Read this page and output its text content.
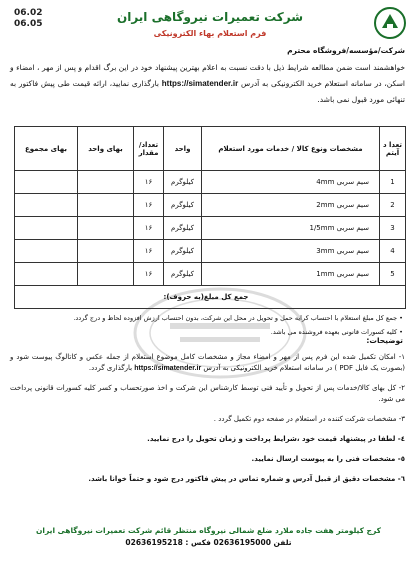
06.02
06.05	شرکت تعمیرات نیروگاهی ایران
فرم استعلام بهاء الکترونیکی
شرکت/مؤسسه/فروشگاه محترم
خواهشمند است ضمن مطالعه شرایط ذیل با دقت نسبت به اعلام بهترین پیشنهاد خود در این برگ اقدام و پس از مهر ، امضاء و اسکن، در سامانه استعلام خرید الکترونیکی به آدرس https://simatender.ir بارگذاری نمایید، ارائه قیمت طی پیش فاکتور به تنهائی مورد قبول نمی باشد.
تعدا د آیتم	مشخصات ونوع کالا / خدمات مورد استعلام	واحد	تعداد/ مقدار	بهای واحد	بهای مجموع
1	سیم سربی 4mm	کیلوگرم	۱۶		
2	سیم سربی 2mm	کیلوگرم	۱۶		
3	سیم سربی 1/5mm	کیلوگرم	۱۶		
4	سیم سربی 3mm	کیلوگرم	۱۶		
5	سیم سربی 1mm	کیلوگرم	۱۶		
جمع کل مبلغ(به حروف):					
• جمع کل مبلغ استعلام با احتساب کرایه حمل و تحویل در محل این شرکت، بدون احتساب ارزش افزوده لحاظ و درج گردد.
• کلیه کسورات قانونی بعهده فروشنده می باشد.
توضیحات:

۱- امکان تکمیل شده این فرم پس از مهر و امضاء مجاز و مشخصات کامل موضوع استعلام از جمله عکس و کاتالوگ پیوست شود و (بصورت یک فایل PDF ) در سامانه استعلام خرید الکترونیکی به آدرس https://simatender.ir بارگذاری گردد.

۲- کل بهای کالا/خدمات پس از تحویل و تأیید فنی توسط کارشناس این شرکت و اخذ صورتحساب و کسر کلیه کسورات قانونی پرداخت می شود.

۳- مشخصات شرکت کننده در استعلام در صفحه دوم تکمیل گردد .

٤- لطفا در پیشنهاد قیمت خود ،شرایط پرداخت و زمان تحویل را درج نمایید.

٥- مشخصات فنی را به پیوست ارسال نمایید.

٦- مشخصات دقیق از قبیل آدرس و شماره تماس در پیش فاکتور درج شود و حتماً خوانا باشد.

کرج کیلومتر هفت جاده ملارد ضلع شمالی نیروگاه منتظر قائم شرکت تعمیرات نیروگاهی ایران
تلفن 02636195000 فکس : 02636195218
